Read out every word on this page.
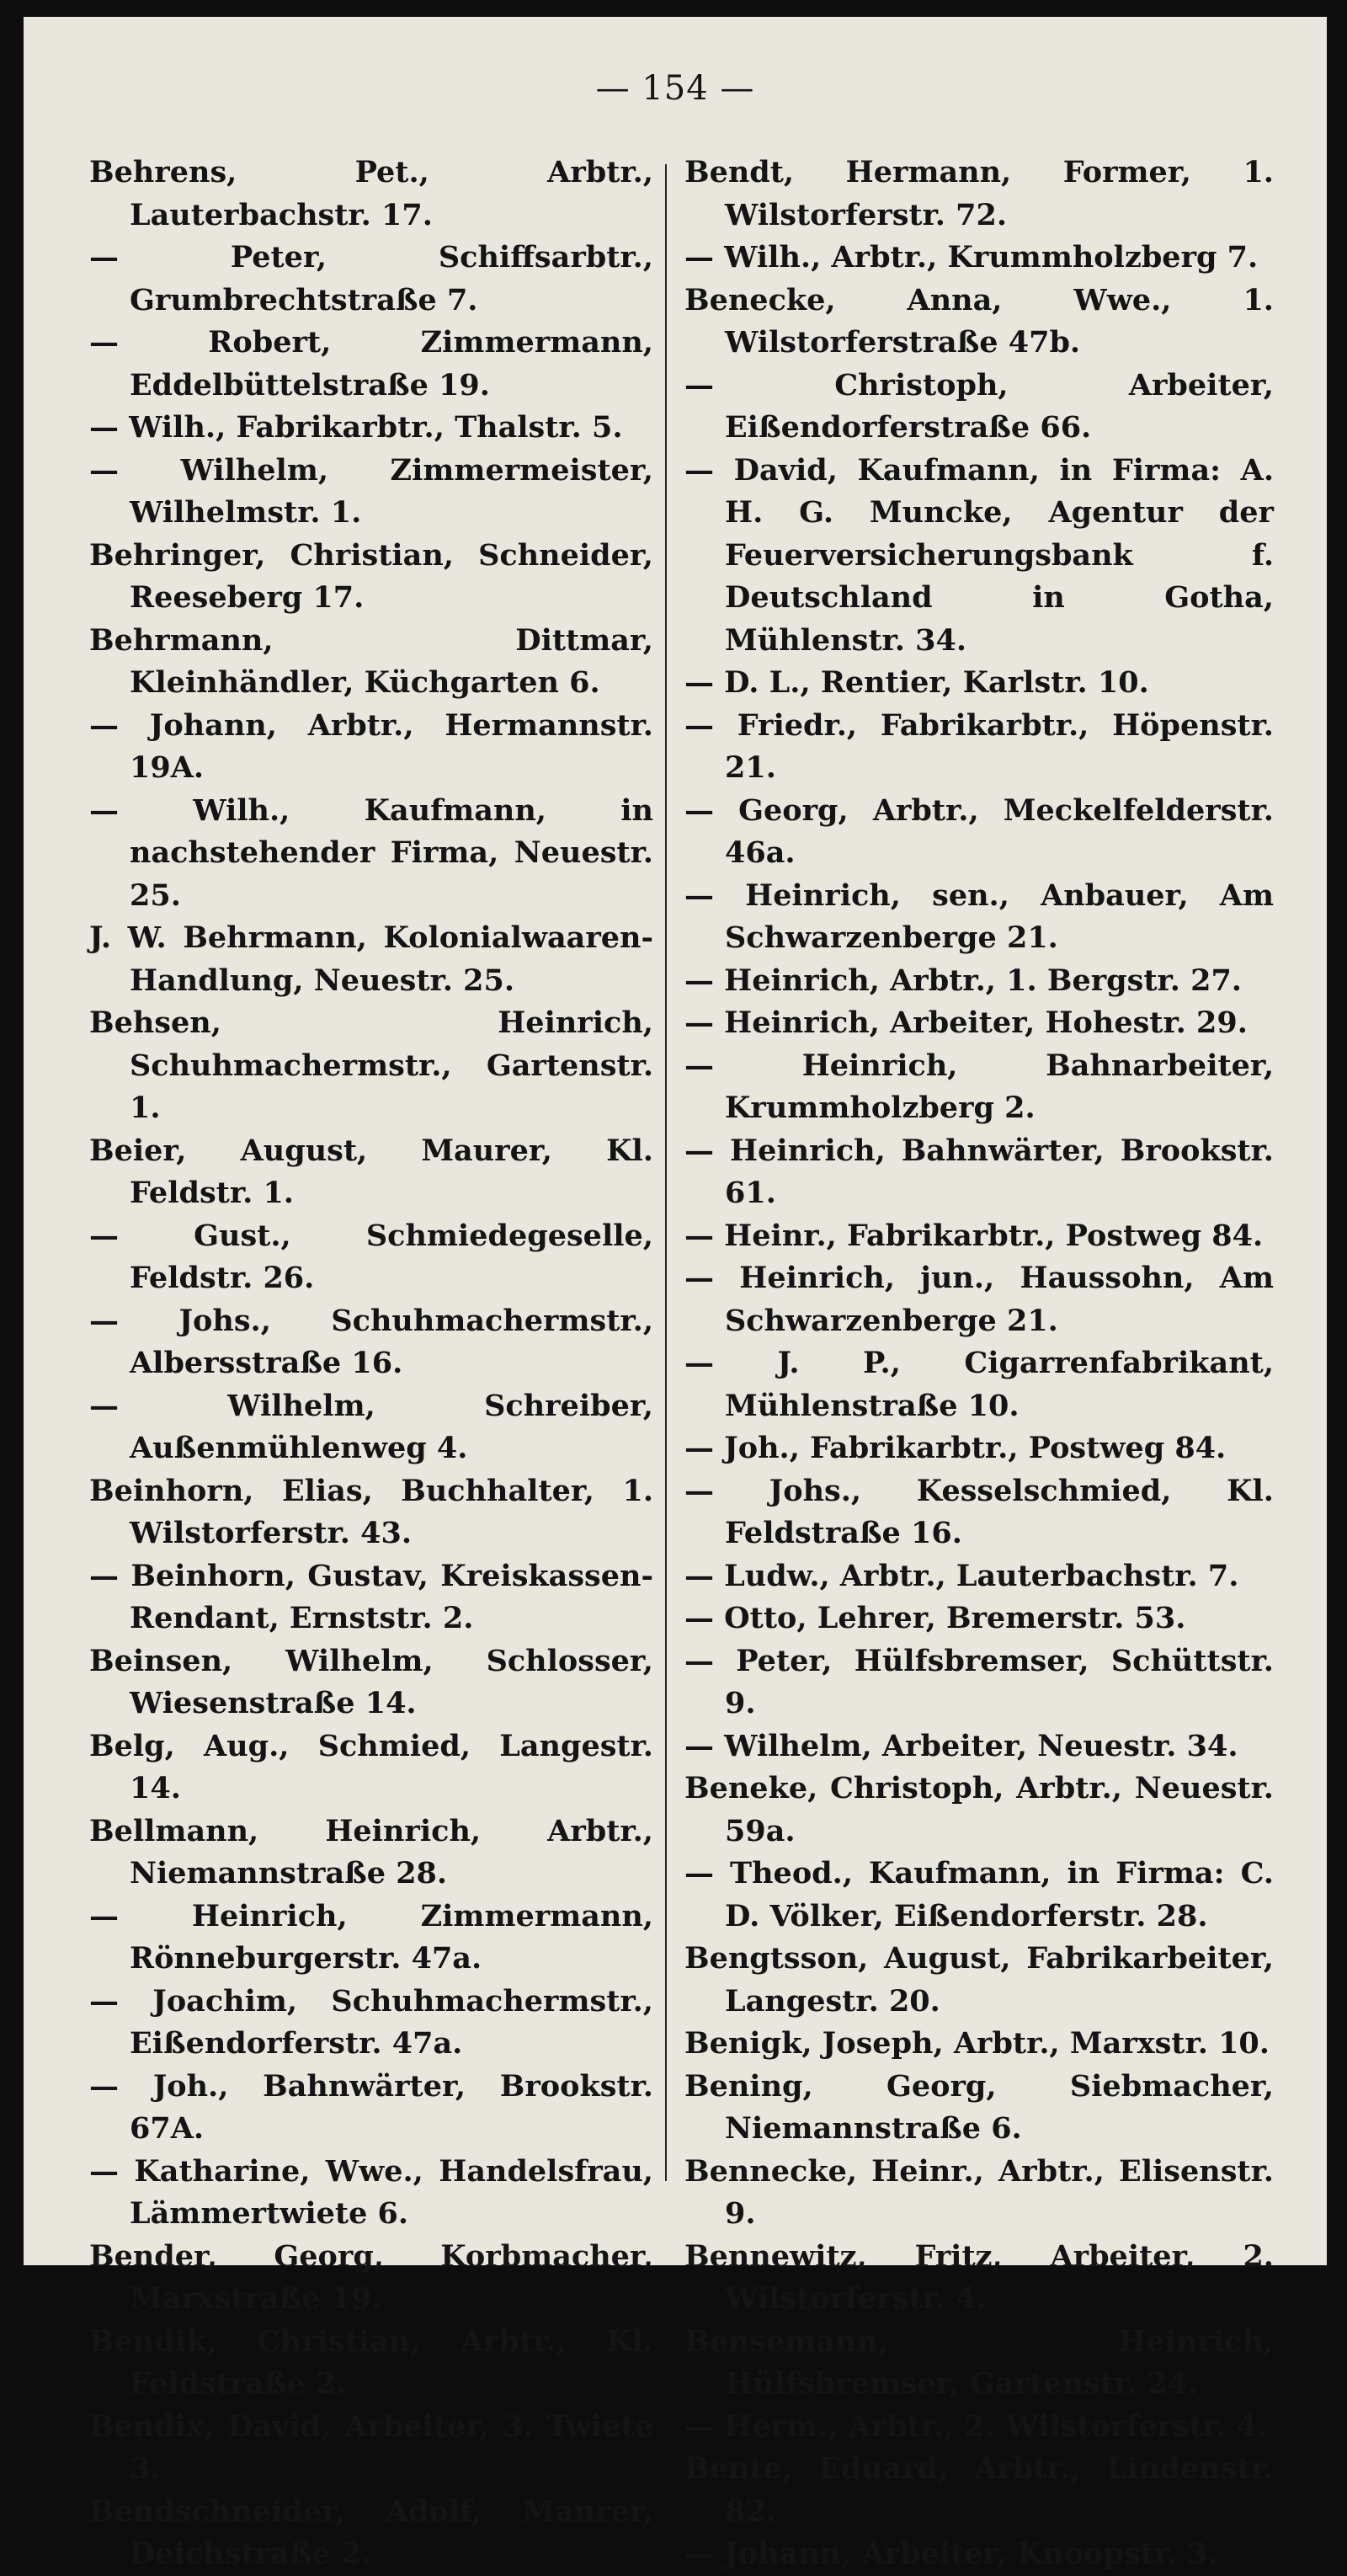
— 154 —
Behrens, Pet., Arbtr., Lauterbachstr. 17.
— Peter, Schiffsarbtr., Grumbrechtstraße 7.
— Robert, Zimmermann, Eddelbüttelstraße 19.
— Wilh., Fabrikarbtr., Thalstr. 5.
— Wilhelm, Zimmermeister, Wilhelmstr. 1.
Behringer, Christian, Schneider, Reeseberg 17.
Behrmann, Dittmar, Kleinhändler, Küchgarten 6.
— Johann, Arbtr., Hermannstr. 19A.
— Wilh., Kaufmann, in nachstehender Firma, Neuestr. 25.
J. W. Behrmann, Kolonialwaaren-Handlung, Neuestr. 25.
Behsen, Heinrich, Schuhmachermstr., Gartenstr. 1.
Beier, August, Maurer, Kl. Feldstr. 1.
— Gust., Schmiedegeselle, Feldstr. 26.
— Johs., Schuhmachermstr., Albersstraße 16.
— Wilhelm, Schreiber, Außenmühlenweg 4.
Beinhorn, Elias, Buchhalter, 1. Wilstorferstr. 43.
— Beinhorn, Gustav, Kreiskassen-Rendant, Ernststr. 2.
Beinsen, Wilhelm, Schlosser, Wiesenstraße 14.
Belg, Aug., Schmied, Langestr. 14.
Bellmann, Heinrich, Arbtr., Niemannstraße 28.
— Heinrich, Zimmermann, Rönneburgerstr. 47a.
— Joachim, Schuhmachermstr., Eißendorferstr. 47a.
— Joh., Bahnwärter, Brookstr. 67A.
— Katharine, Wwe., Handelsfrau, Lämmertwiete 6.
Bender, Georg, Korbmacher, Marxstraße 19.
Bendik, Christian, Arbtr., Kl. Feldstraße 2.
Bendix, David, Arbeiter, 3. Twiete 3.
Bendschneider, Adolf, Maurer, Deichstraße 2.
Bendt, Hermann, Former, 1. Wilstorferstr. 72.
— Wilh., Arbtr., Krummholzberg 7.
Benecke, Anna, Wwe., 1. Wilstorferstraße 47b.
— Christoph, Arbeiter, Eißendorferstraße 66.
— David, Kaufmann, in Firma: A. H. G. Muncke, Agentur der Feuerversicherungsbank f. Deutschland in Gotha, Mühlenstr. 34.
— D. L., Rentier, Karlstr. 10.
— Friedr., Fabrikarbtr., Höpenstr. 21.
— Georg, Arbtr., Meckelfelderstr. 46a.
— Heinrich, sen., Anbauer, Am Schwarzenberge 21.
— Heinrich, Arbtr., 1. Bergstr. 27.
— Heinrich, Arbeiter, Hohestr. 29.
— Heinrich, Bahnarbeiter, Krummholzberg 2.
— Heinrich, Bahnwärter, Brookstr. 61.
— Heinr., Fabrikarbtr., Postweg 84.
— Heinrich, jun., Haussohn, Am Schwarzenberge 21.
— J. P., Cigarrenfabrikant, Mühlenstraße 10.
— Joh., Fabrikarbtr., Postweg 84.
— Johs., Kesselschmied, Kl. Feldstraße 16.
— Ludw., Arbtr., Lauterbachstr. 7.
— Otto, Lehrer, Bremerstr. 53.
— Peter, Hülfsbremser, Schüttstr. 9.
— Wilhelm, Arbeiter, Neuestr. 34.
Beneke, Christoph, Arbtr., Neuestr. 59a.
— Theod., Kaufmann, in Firma: C. D. Völker, Eißendorferstr. 28.
Bengtsson, August, Fabrikarbeiter, Langestr. 20.
Benigk, Joseph, Arbtr., Marxstr. 10.
Bening, Georg, Siebmacher, Niemannstraße 6.
Bennecke, Heinr., Arbtr., Elisenstr. 9.
Bennewitz, Fritz, Arbeiter, 2. Wilstorferstr. 4.
Bensemann, Heinrich, Hülfsbremser, Gartenstr. 24.
— Herm., Arbtr., 2. Wilstorferstr. 4.
Bente, Eduard, Arbtr., Lindenstr. 82.
— Johann, Arbeiter, Knoopstr. 3.
